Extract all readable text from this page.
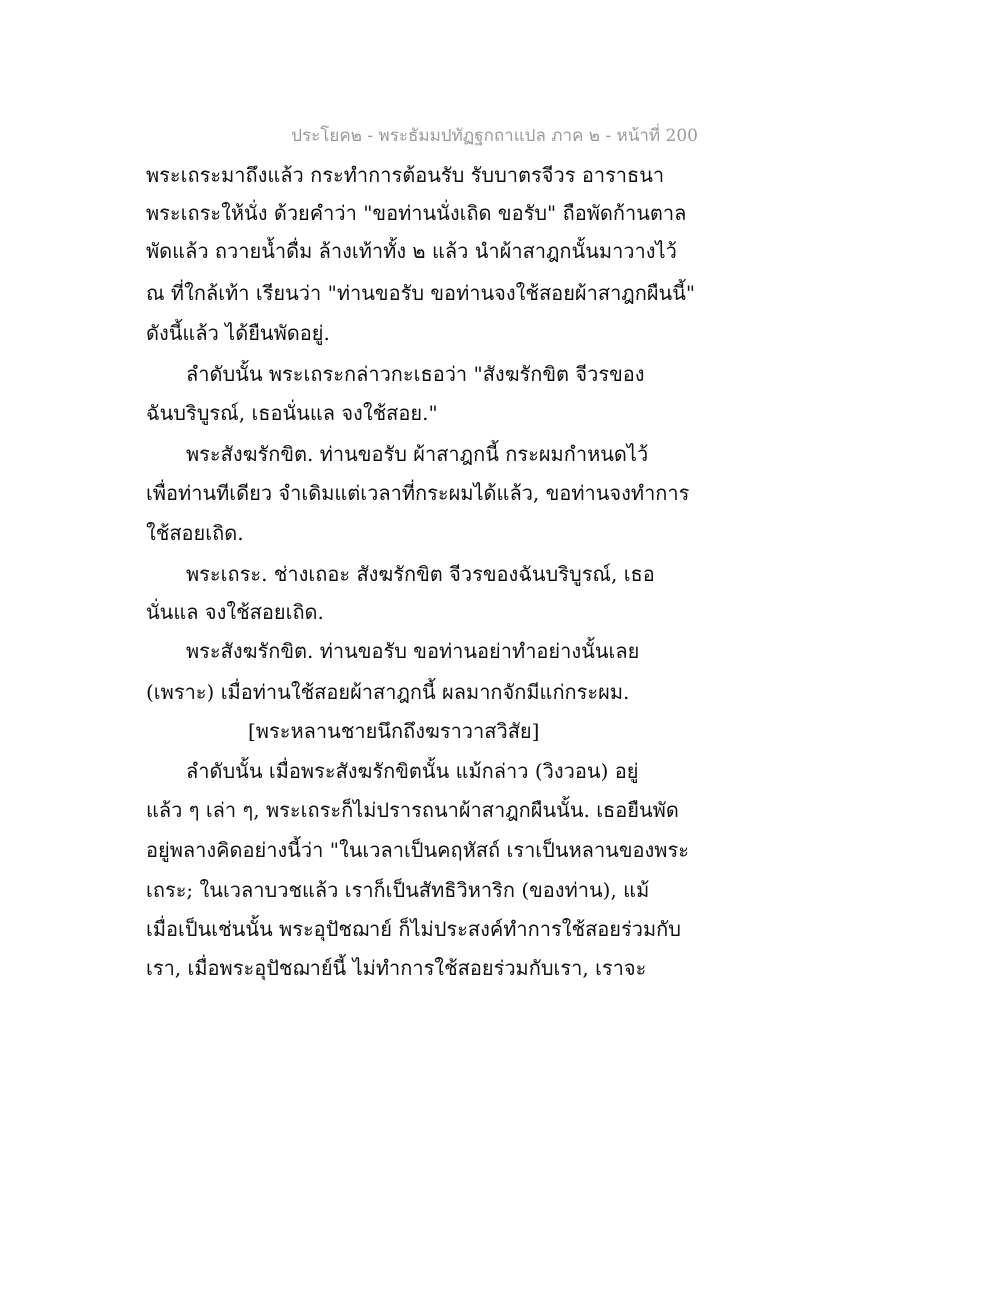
ประโยค๒ - พระธัมมปทัฏฐกถาแปล ภาค ๒ - หน้าที่ 200
พระเถระมาถึงแล้ว กระทำการต้อนรับ รับบาตรจีวร อาราธนา
พระเถระให้นั่ง ด้วยคำว่า "ขอท่านนั่งเถิด ขอรับ" ถือพัดก้านตาล
พัดแล้ว ถวายน้ำดื่ม ล้างเท้าทั้ง ๒ แล้ว นำผ้าสาฎกนั้นมาวางไว้
ณ ที่ใกล้เท้า เรียนว่า "ท่านขอรับ ขอท่านจงใช้สอยผ้าสาฎกผืนนี้"
ดังนี้แล้ว ได้ยืนพัดอยู่.
ลำดับนั้น พระเถระกล่าวกะเธอว่า "สังฆรักขิต จีวรของ
ฉันบริบูรณ์, เธอนั่นแล จงใช้สอย."
พระสังฆรักขิต. ท่านขอรับ ผ้าสาฎกนี้ กระผมกำหนดไว้
เพื่อท่านทีเดียว จำเดิมแต่เวลาที่กระผมได้แล้ว, ขอท่านจงทำการ
ใช้สอยเถิด.
พระเถระ. ช่างเถอะ สังฆรักขิต จีวรของฉันบริบูรณ์, เธอ
นั่นแล จงใช้สอยเถิด.
พระสังฆรักขิต. ท่านขอรับ ขอท่านอย่าทำอย่างนั้นเลย
(เพราะ) เมื่อท่านใช้สอยผ้าสาฎกนี้ ผลมากจักมีแก่กระผม.
[พระหลานชายนึกถึงฆราวาสวิสัย]
ลำดับนั้น เมื่อพระสังฆรักขิตนั้น แม้กล่าว (วิงวอน) อยู่
แล้ว ๆ เล่า ๆ, พระเถระก็ไม่ปรารถนาผ้าสาฎกผืนนั้น. เธอยืนพัด
อยู่พลางคิดอย่างนี้ว่า "ในเวลาเป็นคฤหัสถ์ เราเป็นหลานของพระ
เถระ; ในเวลาบวชแล้ว เราก็เป็นสัทธิวิหาริก (ของท่าน), แม้
เมื่อเป็นเช่นนั้น พระอุปัชฌาย์ ก็ไม่ประสงค์ทำการใช้สอยร่วมกับ
เรา, เมื่อพระอุปัชฌาย์นี้ ไม่ทำการใช้สอยร่วมกับเรา, เราจะ
